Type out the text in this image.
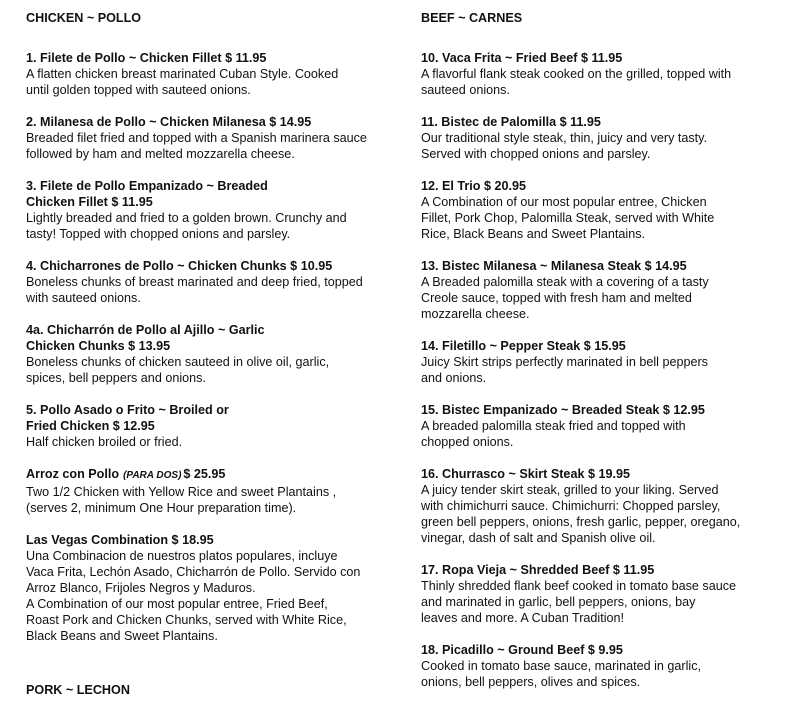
CHICKEN ~ POLLO
1. Filete de Pollo ~ Chicken Fillet $ 11.95
A flatten chicken breast marinated Cuban Style. Cooked
until golden topped with sauteed onions.
2. Milanesa de Pollo ~ Chicken Milanesa $ 14.95
Breaded filet fried and topped with a Spanish marinera sauce
followed by ham and melted mozzarella cheese.
3. Filete de Pollo Empanizado ~ Breaded
Chicken Fillet $ 11.95
Lightly breaded and fried to a golden brown. Crunchy and
tasty! Topped with chopped onions and parsley.
4. Chicharrones de Pollo ~ Chicken Chunks $ 10.95
Boneless chunks of breast marinated and deep fried, topped
with sauteed onions.
4a. Chicharrón de Pollo al Ajillo ~ Garlic
Chicken Chunks $ 13.95
Boneless chunks of chicken sauteed in olive oil, garlic,
spices, bell peppers and onions.
5. Pollo Asado o Frito ~ Broiled or
Fried Chicken $ 12.95
Half chicken broiled or fried.
Arroz con Pollo (PARA DOS) $ 25.95
Two 1/2 Chicken with Yellow Rice and sweet Plantains ,
(serves 2, minimum One Hour preparation time).
Las Vegas Combination $ 18.95
Una Combinacion de nuestros platos populares, incluye
Vaca Frita, Lechón Asado, Chicharrón de Pollo. Servido con
Arroz Blanco, Frijoles Negros y Maduros.
A Combination of our most popular entree, Fried Beef,
Roast Pork and Chicken Chunks, served with White Rice,
Black Beans and Sweet Plantains.
PORK ~ LECHON
BEEF ~ CARNES
10. Vaca Frita ~ Fried Beef $ 11.95
A flavorful flank steak cooked on the grilled, topped with
sauteed onions.
11. Bistec de Palomilla $ 11.95
Our traditional style steak, thin, juicy and very tasty.
Served with chopped onions and parsley.
12. El Trio $ 20.95
A Combination of our most popular entree, Chicken
Fillet, Pork Chop, Palomilla Steak, served with White
Rice, Black Beans and Sweet Plantains.
13. Bistec Milanesa ~ Milanesa Steak $ 14.95
A Breaded palomilla steak with a covering of a tasty
Creole sauce, topped with fresh ham and melted
mozzarella cheese.
14. Filetillo ~ Pepper Steak $ 15.95
Juicy Skirt strips perfectly marinated in bell peppers
and onions.
15. Bistec Empanizado ~ Breaded Steak $ 12.95
A breaded palomilla steak fried and topped with
chopped onions.
16. Churrasco ~ Skirt Steak $ 19.95
A juicy tender skirt steak, grilled to your liking. Served
with chimichurri sauce. Chimichurri: Chopped parsley,
green bell peppers, onions, fresh garlic, pepper, oregano,
vinegar, dash of salt and Spanish olive oil.
17. Ropa Vieja ~ Shredded Beef $ 11.95
Thinly shredded flank beef cooked in tomato base sauce
and marinated in garlic, bell peppers, onions, bay
leaves and more. A Cuban Tradition!
18. Picadillo ~ Ground Beef $ 9.95
Cooked in tomato base sauce, marinated in garlic,
onions, bell peppers, olives and spices.
